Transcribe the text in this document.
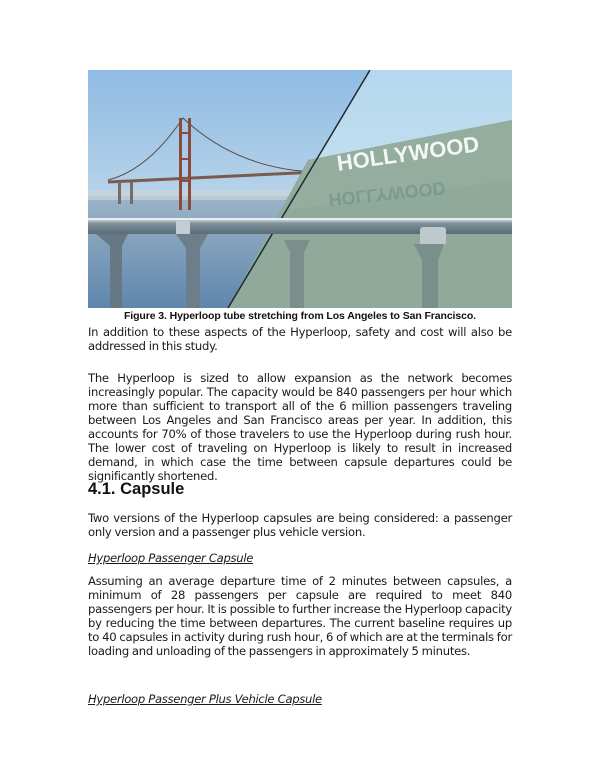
HOLLYWOOD
HOLLYWOOD
Figure 3. Hyperloop tube stretching from Los Angeles to San Francisco.

In addition to these aspects of the Hyperloop, safety and cost will also be addressed in this study.

The Hyperloop is sized to allow expansion as the network becomes increasingly popular. The capacity would be 840 passengers per hour which more than sufficient to transport all of the 6 million passengers traveling between Los Angeles and San Francisco areas per year. In addition, this accounts for 70% of those travelers to use the Hyperloop during rush hour. The lower cost of traveling on Hyperloop is likely to result in increased demand, in which case the time between capsule departures could be significantly shortened.

4.1. Capsule

Two versions of the Hyperloop capsules are being considered: a passenger only version and a passenger plus vehicle version.

Hyperloop Passenger Capsule

Assuming an average departure time of 2 minutes between capsules, a minimum of 28 passengers per capsule are required to meet 840 passengers per hour. It is possible to further increase the Hyperloop capacity by reducing the time between departures. The current baseline requires up to 40 capsules in activity during rush hour, 6 of which are at the terminals for loading and unloading of the passengers in approximately 5 minutes.

Hyperloop Passenger Plus Vehicle Capsule
